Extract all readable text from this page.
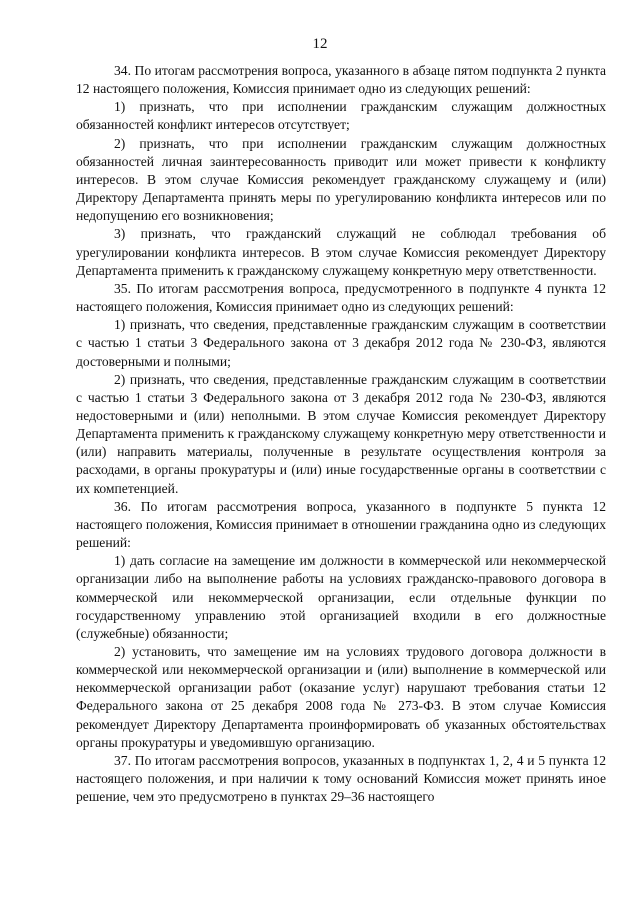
12

34. По итогам рассмотрения вопроса, указанного в абзаце пятом подпункта 2 пункта 12 настоящего положения, Комиссия принимает одно из следующих решений:

1) признать, что при исполнении гражданским служащим должностных обязанностей конфликт интересов отсутствует;

2) признать, что при исполнении гражданским служащим должностных обязанностей личная заинтересованность приводит или может привести к конфликту интересов. В этом случае Комиссия рекомендует гражданскому служащему и (или) Директору Департамента принять меры по урегулированию конфликта интересов или по недопущению его возникновения;

3) признать, что гражданский служащий не соблюдал требования об урегулировании конфликта интересов. В этом случае Комиссия рекомендует Директору Департамента применить к гражданскому служащему конкретную меру ответственности.

35. По итогам рассмотрения вопроса, предусмотренного в подпункте 4 пункта 12 настоящего положения, Комиссия принимает одно из следующих решений:

1) признать, что сведения, представленные гражданским служащим в соответствии с частью 1 статьи 3 Федерального закона от 3 декабря 2012 года № 230-ФЗ, являются достоверными и полными;

2) признать, что сведения, представленные гражданским служащим в соответствии с частью 1 статьи 3 Федерального закона от 3 декабря 2012 года № 230-ФЗ, являются недостоверными и (или) неполными. В этом случае Комиссия рекомендует Директору Департамента применить к гражданскому служащему конкретную меру ответственности и (или) направить материалы, полученные в результате осуществления контроля за расходами, в органы прокуратуры и (или) иные государственные органы в соответствии с их компетенцией.

36. По итогам рассмотрения вопроса, указанного в подпункте 5 пункта 12 настоящего положения, Комиссия принимает в отношении гражданина одно из следующих решений:

1) дать согласие на замещение им должности в коммерческой или некоммерческой организации либо на выполнение работы на условиях гражданско-правового договора в коммерческой или некоммерческой организации, если отдельные функции по государственному управлению этой организацией входили в его должностные (служебные) обязанности;

2) установить, что замещение им на условиях трудового договора должности в коммерческой или некоммерческой организации и (или) выполнение в коммерческой или некоммерческой организации работ (оказание услуг) нарушают требования статьи 12 Федерального закона от 25 декабря 2008 года № 273-ФЗ. В этом случае Комиссия рекомендует Директору Департамента проинформировать об указанных обстоятельствах органы прокуратуры и уведомившую организацию.

37. По итогам рассмотрения вопросов, указанных в подпунктах 1, 2, 4 и 5 пункта 12 настоящего положения, и при наличии к тому оснований Комиссия может принять иное решение, чем это предусмотрено в пунктах 29–36 настоящего
